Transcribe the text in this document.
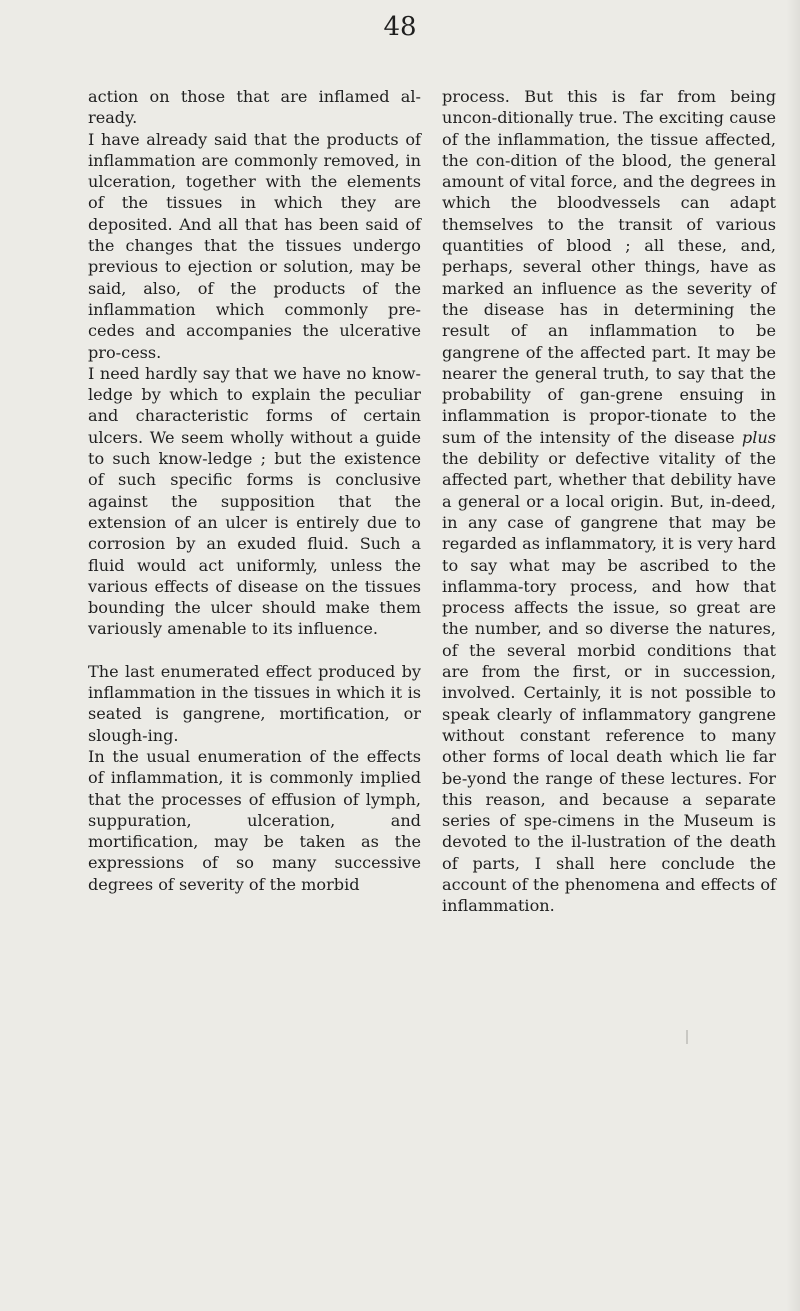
48

action on those that are inflamed al-ready.

I have already said that the products of inflammation are commonly removed, in ulceration, together with the elements of the tissues in which they are deposited. And all that has been said of the changes that the tissues undergo previous to ejection or solution, may be said, also, of the products of the inflammation which commonly pre-cedes and accompanies the ulcerative pro-cess.

I need hardly say that we have no know-ledge by which to explain the peculiar and characteristic forms of certain ulcers. We seem wholly without a guide to such know-ledge ; but the existence of such specific forms is conclusive against the supposition that the extension of an ulcer is entirely due to corrosion by an exuded fluid. Such a fluid would act uniformly, unless the various effects of disease on the tissues bounding the ulcer should make them variously amenable to its influence.

The last enumerated effect produced by inflammation in the tissues in which it is seated is gangrene, mortification, or slough-ing.

In the usual enumeration of the effects of inflammation, it is commonly implied that the processes of effusion of lymph, suppuration, ulceration, and mortification, may be taken as the expressions of so many successive degrees of severity of the morbid

process. But this is far from being uncon-ditionally true. The exciting cause of the inflammation, the tissue affected, the con-dition of the blood, the general amount of vital force, and the degrees in which the bloodvessels can adapt themselves to the transit of various quantities of blood ; all these, and, perhaps, several other things, have as marked an influence as the severity of the disease has in determining the result of an inflammation to be gangrene of the affected part. It may be nearer the general truth, to say that the probability of gan-grene ensuing in inflammation is propor-tionate to the sum of the intensity of the disease plus the debility or defective vitality of the affected part, whether that debility have a general or a local origin. But, in-deed, in any case of gangrene that may be regarded as inflammatory, it is very hard to say what may be ascribed to the inflamma-tory process, and how that process affects the issue, so great are the number, and so diverse the natures, of the several morbid conditions that are from the first, or in succession, involved. Certainly, it is not possible to speak clearly of inflammatory gangrene without constant reference to many other forms of local death which lie far be-yond the range of these lectures. For this reason, and because a separate series of spe-cimens in the Museum is devoted to the il-lustration of the death of parts, I shall here conclude the account of the phenomena and effects of inflammation.
